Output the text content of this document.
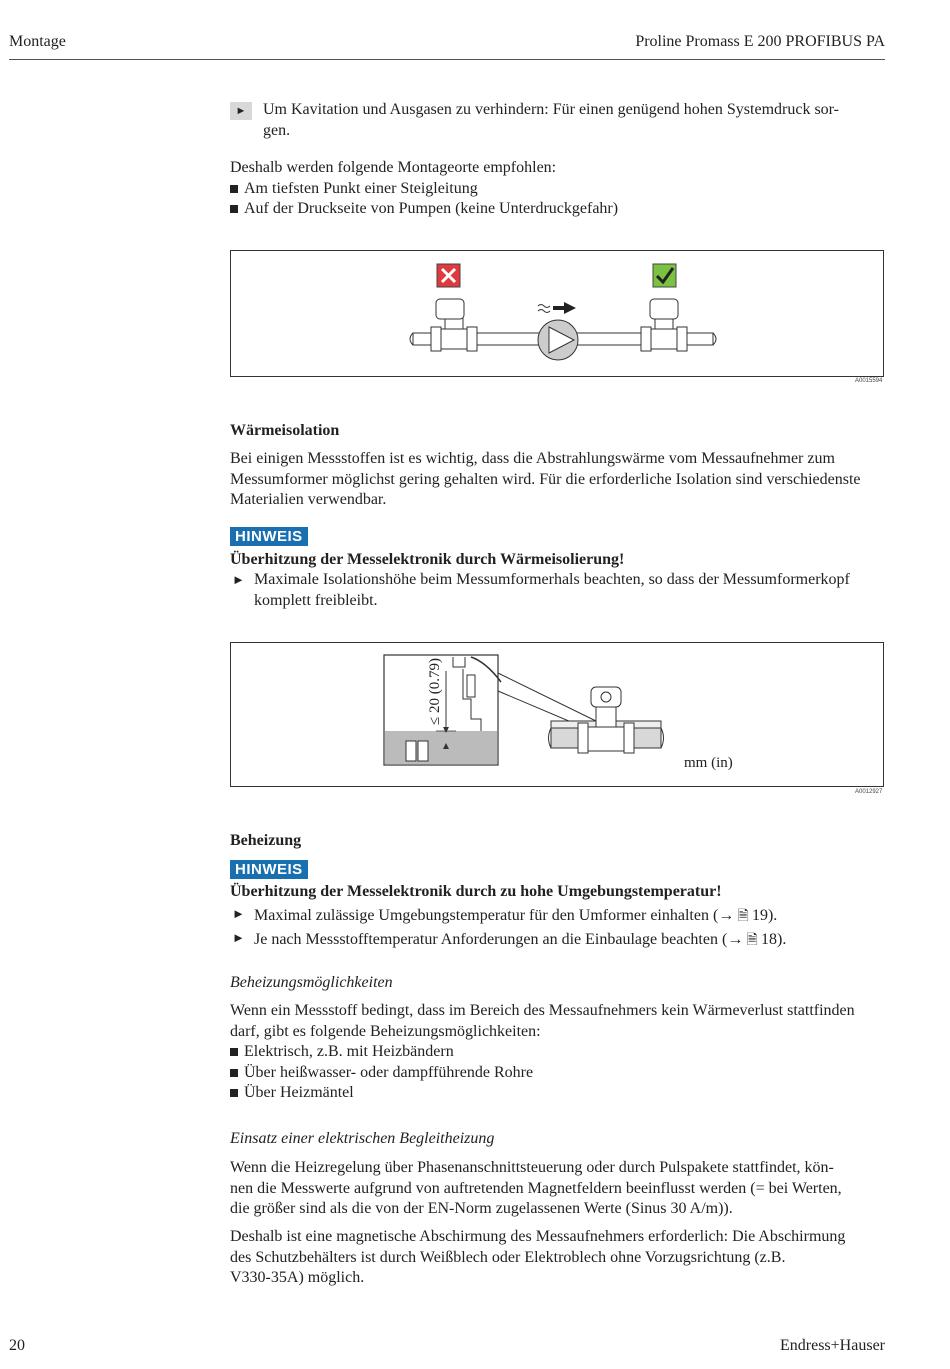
Montage	Proline Promass E 200 PROFIBUS PA
►	Um Kavitation und Ausgasen zu verhindern: Für einen genügend hohen Systemdruck sor-
gen.
Deshalb werden folgende Montageorte empfohlen:
Am tiefsten Punkt einer Steigleitung
Auf der Druckseite von Pumpen (keine Unterdruckgefahr)
A0015594
Wärmeisolation
Bei einigen Messstoffen ist es wichtig, dass die Abstrahlungswärme vom Messaufnehmer zum
Messumformer möglichst gering gehalten wird. Für die erforderliche Isolation sind verschiedenste
Materialien verwendbar.
HINWEIS
Überhitzung der Messelektronik durch Wärmeisolierung!
► Maximale Isolationshöhe beim Messumformerhals beachten, so dass der Messumformerkopf
komplett freibleibt.
≤ 20 (0.79)
mm (in)
A0012927
Beheizung
HINWEIS
Überhitzung der Messelektronik durch zu hohe Umgebungstemperatur!
► Maximal zulässige Umgebungstemperatur für den Umformer einhalten (→ 🗎  19).
► Je nach Messstofftemperatur Anforderungen an die Einbaulage beachten (→ 🗎  18).
Beheizungsmöglichkeiten
Wenn ein Messstoff bedingt, dass im Bereich des Messaufnehmers kein Wärmeverlust stattfinden
darf, gibt es folgende Beheizungsmöglichkeiten:
Elektrisch, z.B. mit Heizbändern
Über heißwasser- oder dampfführende Rohre
Über Heizmäntel
Einsatz einer elektrischen Begleitheizung
Wenn die Heizregelung über Phasenanschnittsteuerung oder durch Pulspakete stattfindet, kön-
nen die Messwerte aufgrund von auftretenden Magnetfeldern beeinflusst werden (= bei Werten,
die größer sind als die von der EN-Norm zugelassenen Werte (Sinus 30 A/m)).
Deshalb ist eine magnetische Abschirmung des Messaufnehmers erforderlich: Die Abschirmung
des Schutzbehälters ist durch Weißblech oder Elektroblech ohne Vorzugsrichtung (z.B.
V330-35A) möglich.
20	Endress+Hauser
